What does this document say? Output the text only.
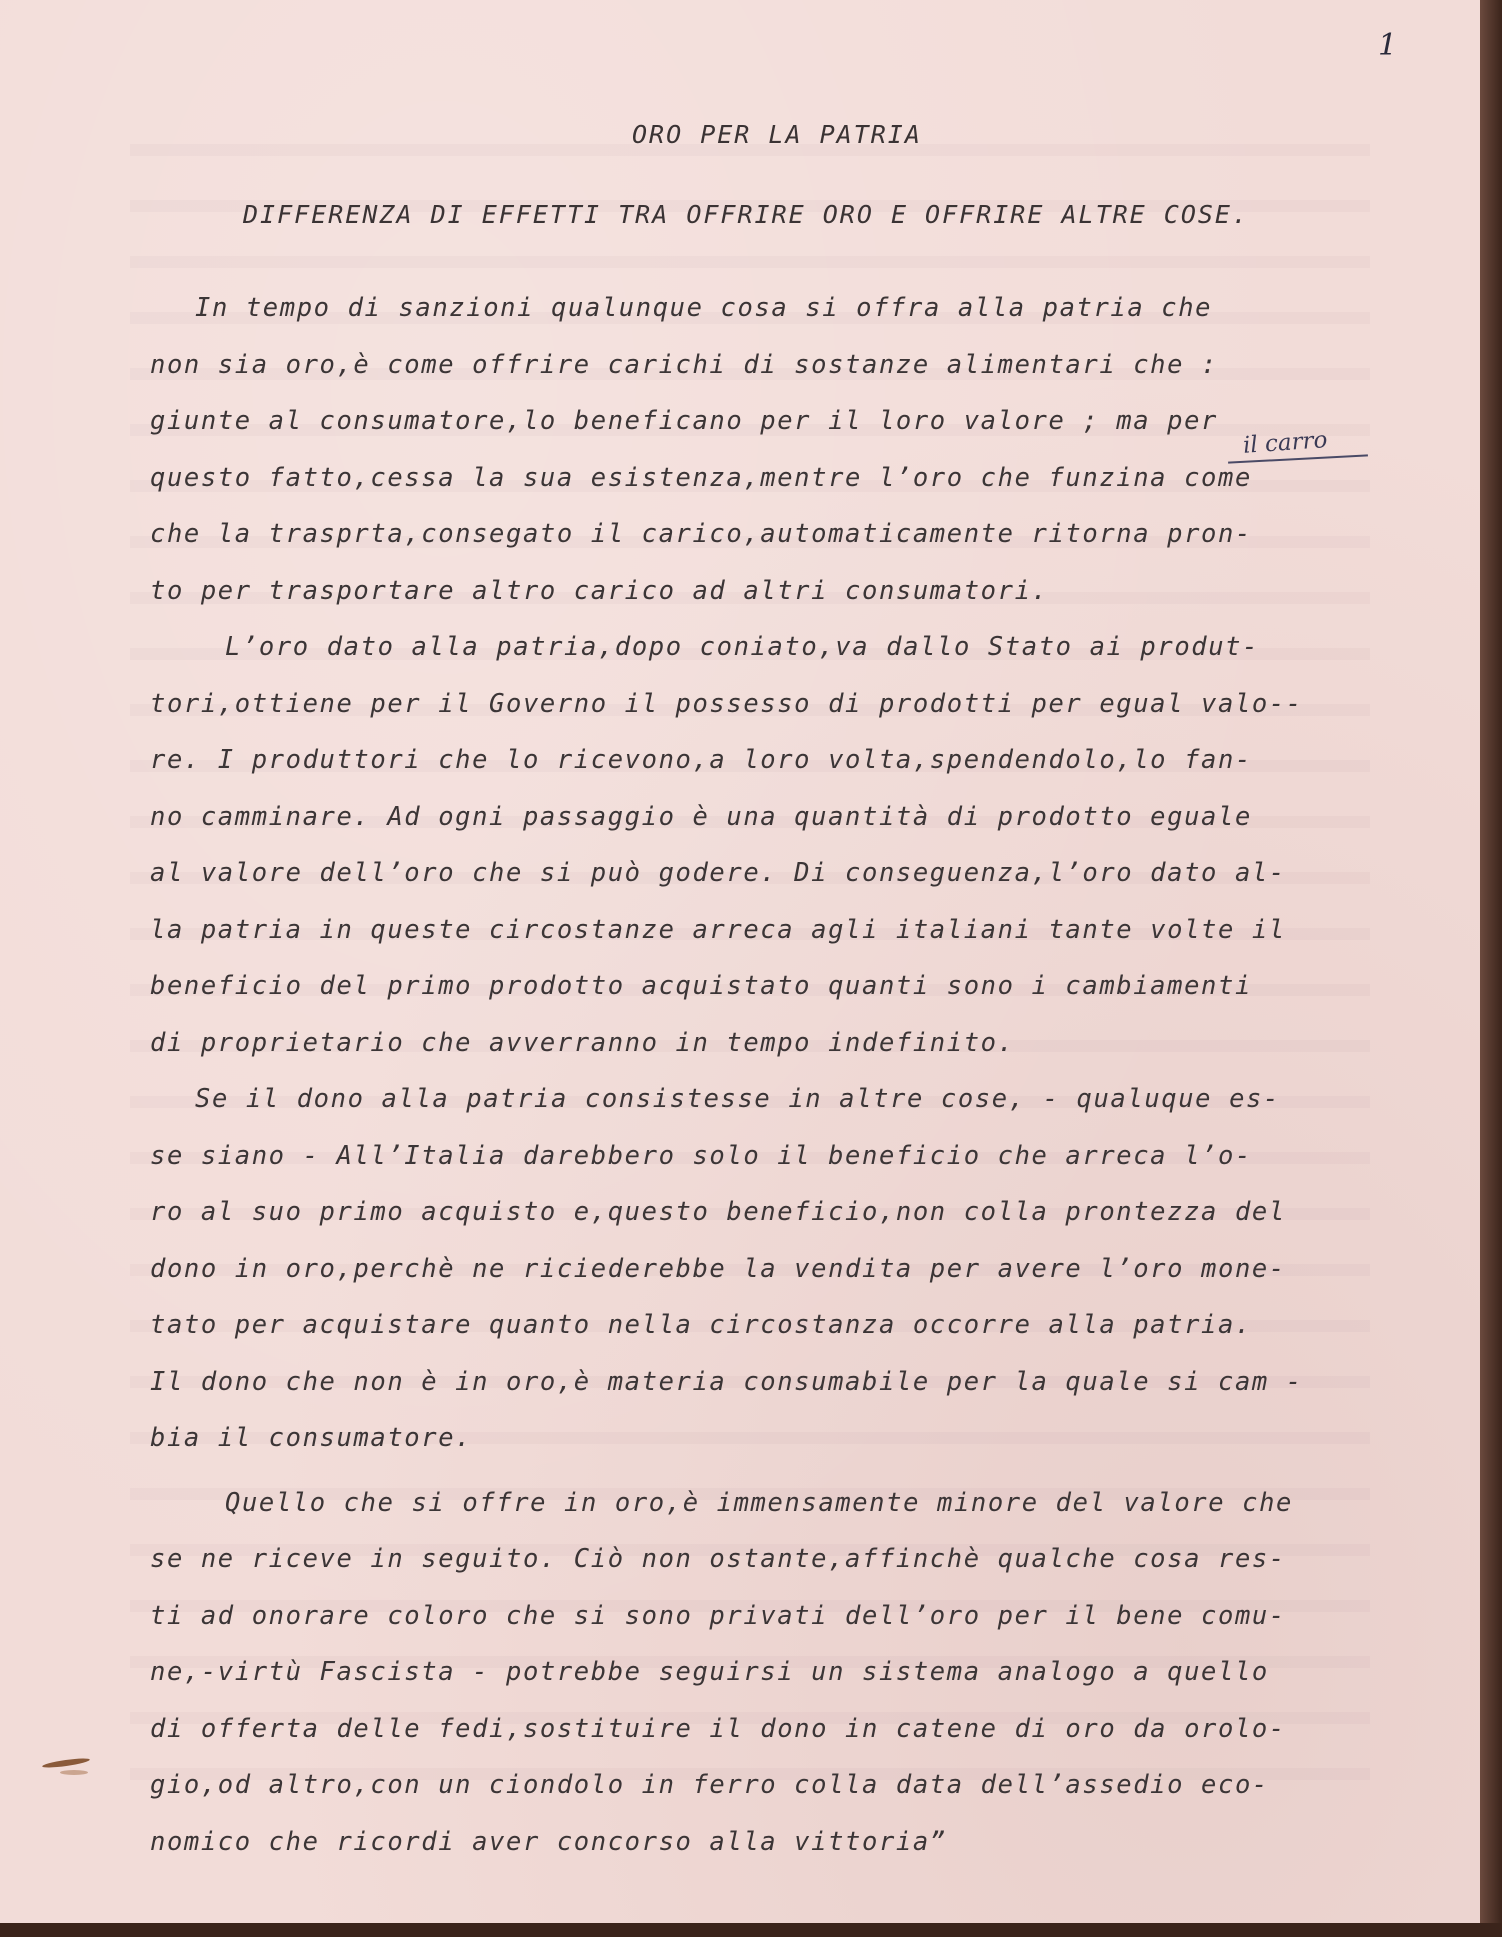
1
ORO PER LA PATRIA
DIFFERENZA DI EFFETTI TRA OFFRIRE ORO E OFFRIRE ALTRE COSE.
il carro
In tempo di sanzioni qualunque cosa si offra alla patria che
non sia oro,è come offrire carichi di sostanze alimentari che :
giunte al consumatore,lo beneficano per il loro valore ; ma per
questo fatto,cessa la sua esistenza,mentre l’oro che funzina come
che la trasprta,consegato il carico,automaticamente ritorna pron-
to per trasportare altro carico ad altri consumatori.
L’oro dato alla patria,dopo coniato,va dallo Stato ai produt-
tori,ottiene per il Governo il possesso di prodotti per egual valo--
re. I produttori che lo ricevono,a loro volta,spendendolo,lo fan-
no camminare. Ad ogni passaggio è una quantità di prodotto eguale
al valore dell’oro che si può godere. Di conseguenza,l’oro dato al-
la patria in queste circostanze arreca agli italiani tante volte il
beneficio del primo prodotto acquistato quanti sono i cambiamenti
di proprietario che avverranno in tempo indefinito.
Se il dono alla patria consistesse in altre cose, - qualuque es-
se siano - All’Italia darebbero solo il beneficio che arreca l’o-
ro al suo primo acquisto e,questo beneficio,non colla prontezza del
dono in oro,perchè ne riciederebbe la vendita per avere l’oro mone-
tato per acquistare quanto nella circostanza occorre alla patria.
Il dono che non è in oro,è materia consumabile per la quale si cam -
bia il consumatore.
Quello che si offre in oro,è immensamente minore del valore che
se ne riceve in seguito. Ciò non ostante,affinchè qualche cosa res-
ti ad onorare coloro che si sono privati dell’oro per il bene comu-
ne,-virtù Fascista - potrebbe seguirsi un sistema analogo a quello
di offerta delle fedi,sostituire il dono in catene di oro da orolo-
gio,od altro,con un ciondolo in ferro colla data dell’assedio eco-
nomico che ricordi aver concorso alla vittoria”
